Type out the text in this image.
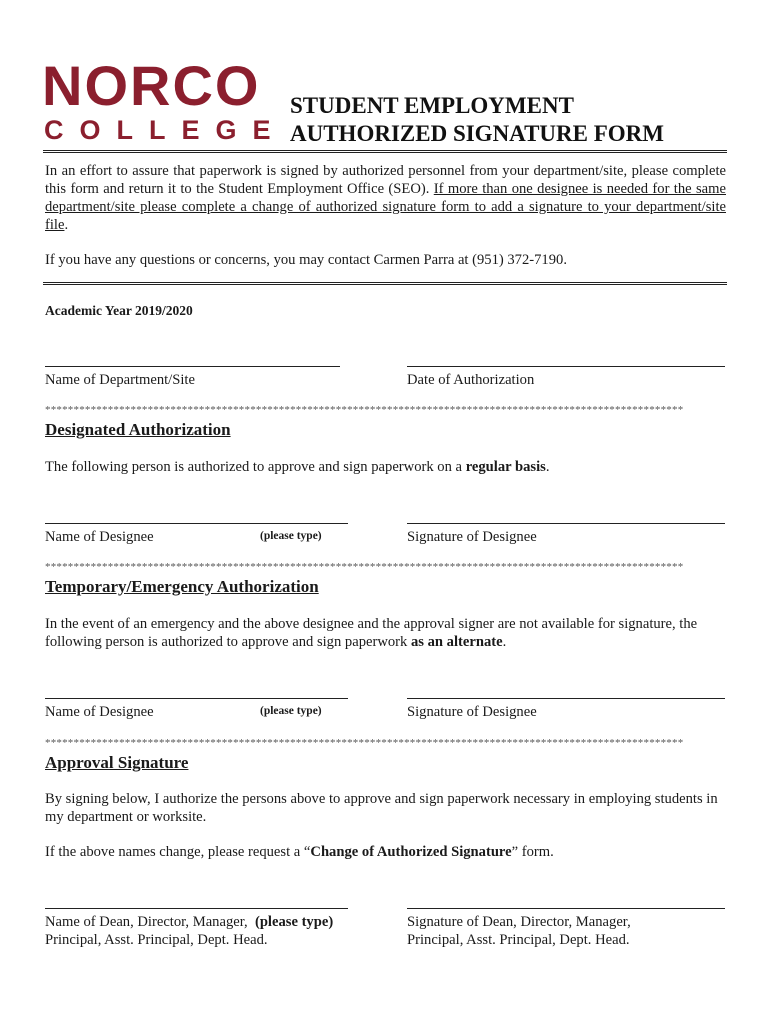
NORCO
COLLEGE
STUDENT EMPLOYMENT
AUTHORIZED SIGNATURE FORM
In an effort to assure that paperwork is signed by authorized personnel from your department/site, please complete this form and return it to the Student Employment Office (SEO). If more than one designee is needed for the same department/site please complete a change of authorized signature form to add a signature to your department/site file.
If you have any questions or concerns, you may contact Carmen Parra at (951) 372-7190.
Academic Year 2019/2020
Name of Department/Site	Date of Authorization
****************************************************************************************************************
Designated Authorization
The following person is authorized to approve and sign paperwork on a regular basis.
Name of Designee	(please type)	Signature of Designee
****************************************************************************************************************
Temporary/Emergency Authorization
In the event of an emergency and the above designee and the approval signer are not available for signature, the following person is authorized to approve and sign paperwork as an alternate.
Name of Designee	(please type)	Signature of Designee
****************************************************************************************************************
Approval Signature
By signing below, I authorize the persons above to approve and sign paperwork necessary in employing students in my department or worksite.
If the above names change, please request a “Change of Authorized Signature” form.
Name of Dean, Director, Manager, (please type)
Principal, Asst. Principal, Dept. Head.
Signature of Dean, Director, Manager,
Principal, Asst. Principal, Dept. Head.
